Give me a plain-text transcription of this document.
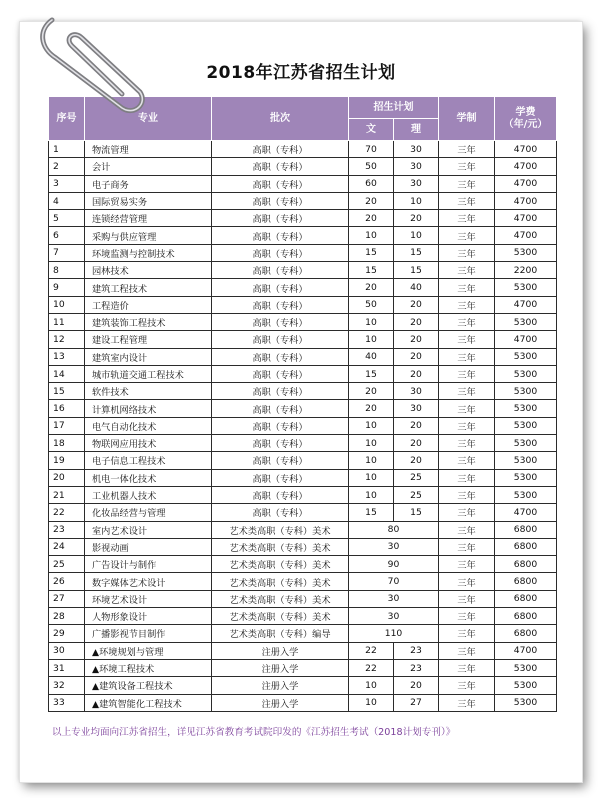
2018年江苏省招生计划
序号	专业	批次	招生计划		学制	学费
（年/元）

			文	理		
1	物流管理	高职（专科）	70	30	三年	4700
2	会计	高职（专科）	50	30	三年	4700
3	电子商务	高职（专科）	60	30	三年	4700
4	国际贸易实务	高职（专科）	20	10	三年	4700
5	连锁经营管理	高职（专科）	20	20	三年	4700
6	采购与供应管理	高职（专科）	10	10	三年	4700
7	环境监测与控制技术	高职（专科）	15	15	三年	5300
8	园林技术	高职（专科）	15	15	三年	2200
9	建筑工程技术	高职（专科）	20	40	三年	5300
10	工程造价	高职（专科）	50	20	三年	4700
11	建筑装饰工程技术	高职（专科）	10	20	三年	5300
12	建设工程管理	高职（专科）	10	20	三年	4700
13	建筑室内设计	高职（专科）	40	20	三年	5300
14	城市轨道交通工程技术	高职（专科）	15	20	三年	5300
15	软件技术	高职（专科）	20	30	三年	5300
16	计算机网络技术	高职（专科）	20	30	三年	5300
17	电气自动化技术	高职（专科）	10	20	三年	5300
18	物联网应用技术	高职（专科）	10	20	三年	5300
19	电子信息工程技术	高职（专科）	10	20	三年	5300
20	机电一体化技术	高职（专科）	10	25	三年	5300
21	工业机器人技术	高职（专科）	10	25	三年	5300
22	化妆品经营与管理	高职（专科）	15	15	三年	4700
23	室内艺术设计	艺术类高职（专科）美术	80		三年	6800
24	影视动画	艺术类高职（专科）美术	30		三年	6800
25	广告设计与制作	艺术类高职（专科）美术	90		三年	6800
26	数字媒体艺术设计	艺术类高职（专科）美术	70		三年	6800
27	环境艺术设计	艺术类高职（专科）美术	30		三年	6800
28	人物形象设计	艺术类高职（专科）美术	30		三年	6800
29	广播影视节目制作	艺术类高职（专科）编导	110		三年	6800
30	▲环境规划与管理	注册入学	22	23	三年	4700
31	▲环境工程技术	注册入学	22	23	三年	5300
32	▲建筑设备工程技术	注册入学	10	20	三年	5300
33	▲建筑智能化工程技术	注册入学	10	27	三年	5300
以上专业均面向江苏省招生，详见江苏省教育考试院印发的《江苏招生考试（2018计划专刊）》
